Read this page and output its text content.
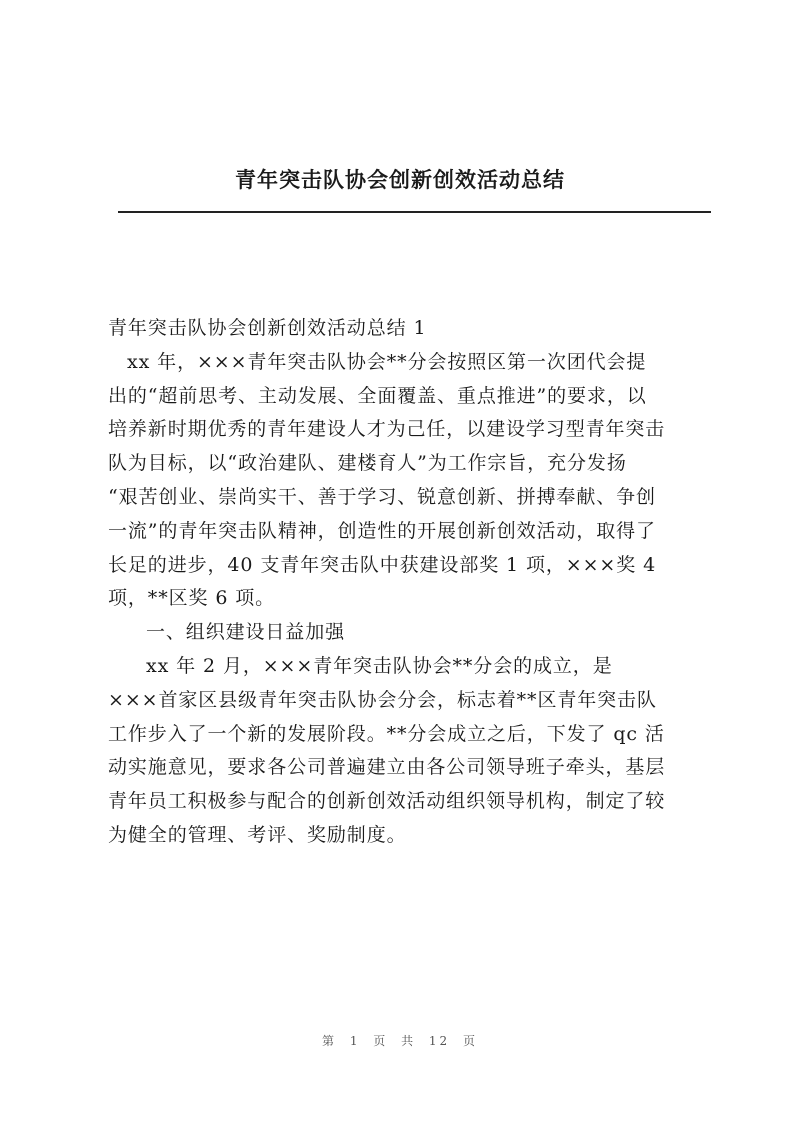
青年突击队协会创新创效活动总结

青年突击队协会创新创效活动总结 1

xx 年，×××青年突击队协会**分会按照区第一次团代会提

出的“超前思考、主动发展、全面覆盖、重点推进”的要求，以

培养新时期优秀的青年建设人才为己任，以建设学习型青年突击

队为目标，以“政治建队、建楼育人”为工作宗旨，充分发扬

“艰苦创业、崇尚实干、善于学习、锐意创新、拼搏奉献、争创

一流”的青年突击队精神，创造性的开展创新创效活动，取得了

长足的进步，40 支青年突击队中获建设部奖 1 项，×××奖 4

项，**区奖 6 项。

一、组织建设日益加强

xx 年 2 月，×××青年突击队协会**分会的成立，是

×××首家区县级青年突击队协会分会，标志着**区青年突击队

工作步入了一个新的发展阶段。**分会成立之后，下发了 qc 活

动实施意见，要求各公司普遍建立由各公司领导班子牵头，基层

青年员工积极参与配合的创新创效活动组织领导机构，制定了较

为健全的管理、考评、奖励制度。

第 1 页 共 12 页
